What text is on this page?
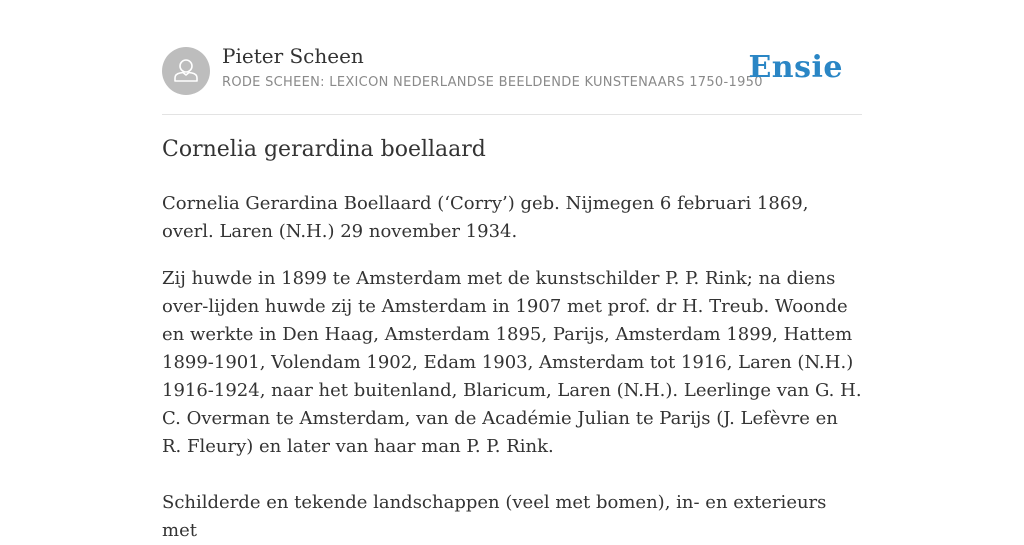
Pieter Scheen
RODE SCHEEN: LEXICON NEDERLANDSE BEELDENDE KUNSTENAARS 1750-1950
Ensie
Cornelia gerardina boellaard

Cornelia Gerardina Boellaard (‘Corry’) geb. Nijmegen 6 februari 1869, overl. Laren (N.H.) 29 november 1934.

Zij huwde in 1899 te Amsterdam met de kunstschilder P. P. Rink; na diens over-lijden huwde zij te Amsterdam in 1907 met prof. dr H. Treub. Woonde en werkte in Den Haag, Amsterdam 1895, Parijs, Amsterdam 1899, Hattem 1899-1901, Volendam 1902, Edam 1903, Amsterdam tot 1916, Laren (N.H.) 1916-1924, naar het buitenland, Blaricum, Laren (N.H.). Leerlinge van G. H. C. Overman te Amsterdam, van de Académie Julian te Parijs (J. Lefèvre en R. Fleury) en later van haar man P. P. Rink.

Schilderde en tekende landschappen (veel met bomen), in- en exterieurs met
